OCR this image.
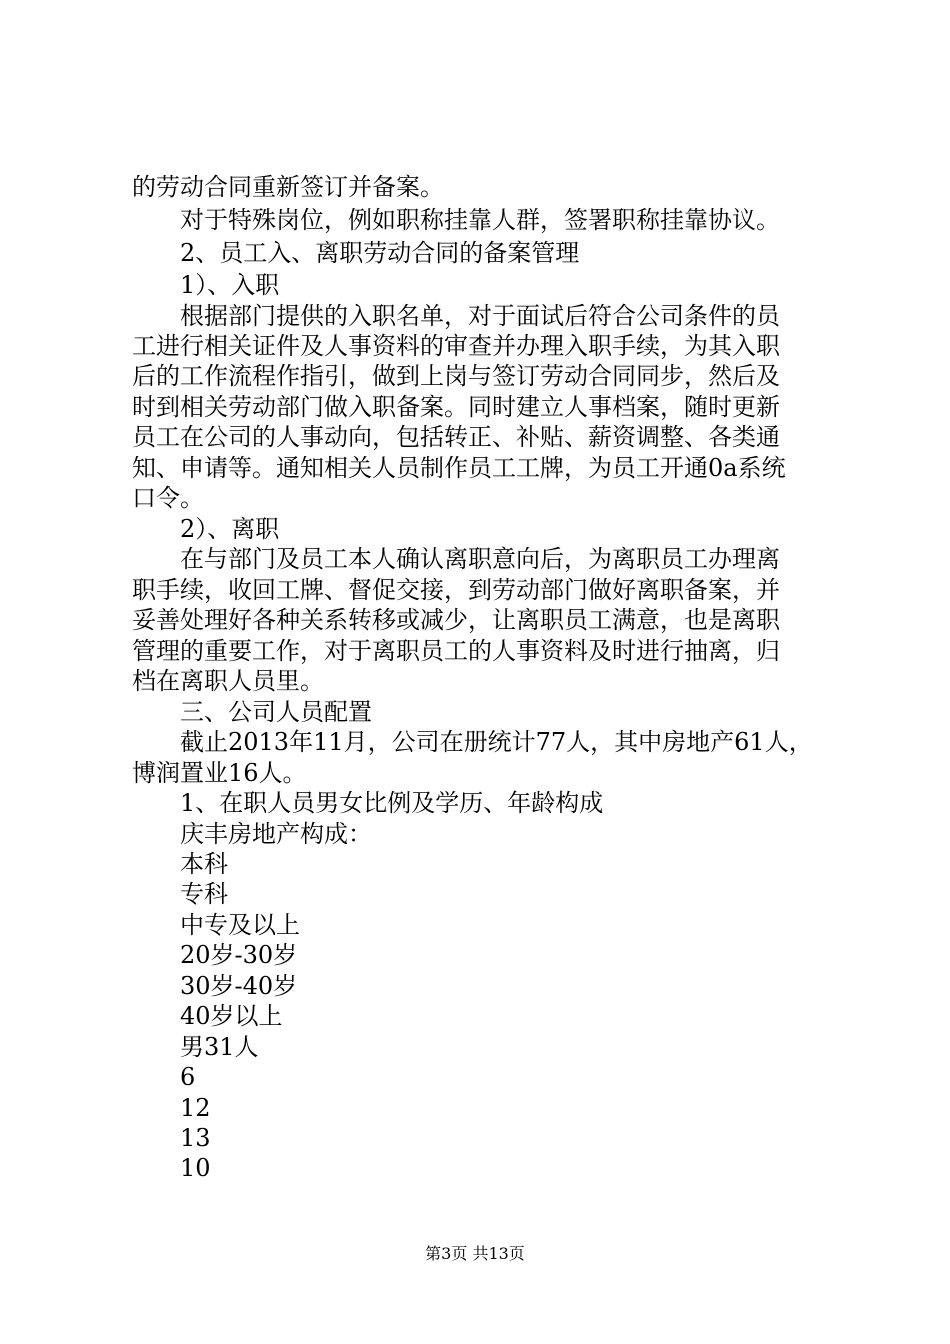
的劳动合同重新签订并备案。
对于特殊岗位，例如职称挂靠人群，签署职称挂靠协议。
2、员工入、离职劳动合同的备案管理
1）、入职
根据部门提供的入职名单，对于面试后符合公司条件的员
工进行相关证件及人事资料的审查并办理入职手续，为其入职
后的工作流程作指引，做到上岗与签订劳动合同同步，然后及
时到相关劳动部门做入职备案。同时建立人事档案，随时更新
员工在公司的人事动向，包括转正、补贴、薪资调整、各类通
知、申请等。通知相关人员制作员工工牌，为员工开通0a系统
口令。
2）、离职
在与部门及员工本人确认离职意向后，为离职员工办理离
职手续，收回工牌、督促交接，到劳动部门做好离职备案，并
妥善处理好各种关系转移或减少，让离职员工满意，也是离职
管理的重要工作，对于离职员工的人事资料及时进行抽离，归
档在离职人员里。
三、公司人员配置
截止2013年11月，公司在册统计77人，其中房地产61人，
博润置业16人。
1、在职人员男女比例及学历、年龄构成
庆丰房地产构成：
本科
专科
中专及以上
20岁-30岁
30岁-40岁
40岁以上
男31人
6
12
13
10
第3页 共13页
